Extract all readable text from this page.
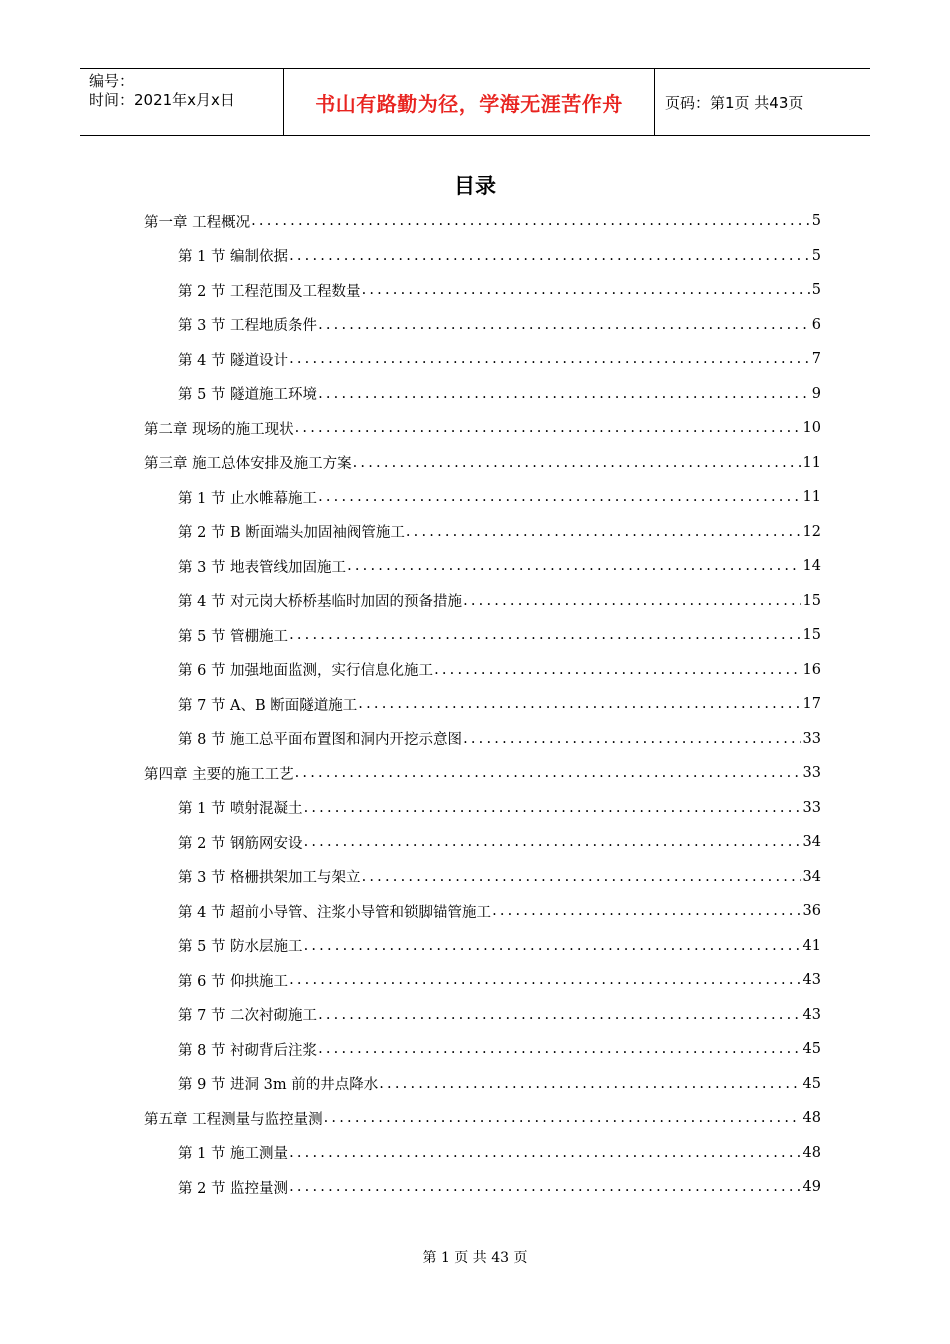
编号：
时间：2021年x月x日	书山有路勤为径，学海无涯苦作舟	页码：第1页 共43页
目录
第一章 工程概况 .....	5
第 1 节 编制依据 .....	5
第 2 节 工程范围及工程数量 .....	5
第 3 节 工程地质条件 .....	6
第 4 节 隧道设计 .....	7
第 5 节 隧道施工环境 .....	9
第二章 现场的施工现状 .....	10
第三章 施工总体安排及施工方案 .....	11
第 1 节 止水帷幕施工 .....	11
第 2 节 B 断面端头加固袖阀管施工 .....	12
第 3 节 地表管线加固施工 .....	14
第 4 节 对元岗大桥桥基临时加固的预备措施 .....	15
第 5 节 管棚施工 .....	15
第 6 节 加强地面监测，实行信息化施工 .....	16
第 7 节 A、B 断面隧道施工 .....	17
第 8 节 施工总平面布置图和洞内开挖示意图 .....	33
第四章 主要的施工工艺 .....	33
第 1 节 喷射混凝土 .....	33
第 2 节 钢筋网安设 .....	34
第 3 节 格栅拱架加工与架立 .....	34
第 4 节 超前小导管、注浆小导管和锁脚锚管施工 .....	36
第 5 节 防水层施工 .....	41
第 6 节 仰拱施工 .....	43
第 7 节 二次衬砌施工 .....	43
第 8 节 衬砌背后注浆 .....	45
第 9 节 进洞 3m 前的井点降水 .....	45
第五章 工程测量与监控量测 .....	48
第 1 节 施工测量 .....	48
第 2 节 监控量测 .....	49
第 1 页 共 43 页
